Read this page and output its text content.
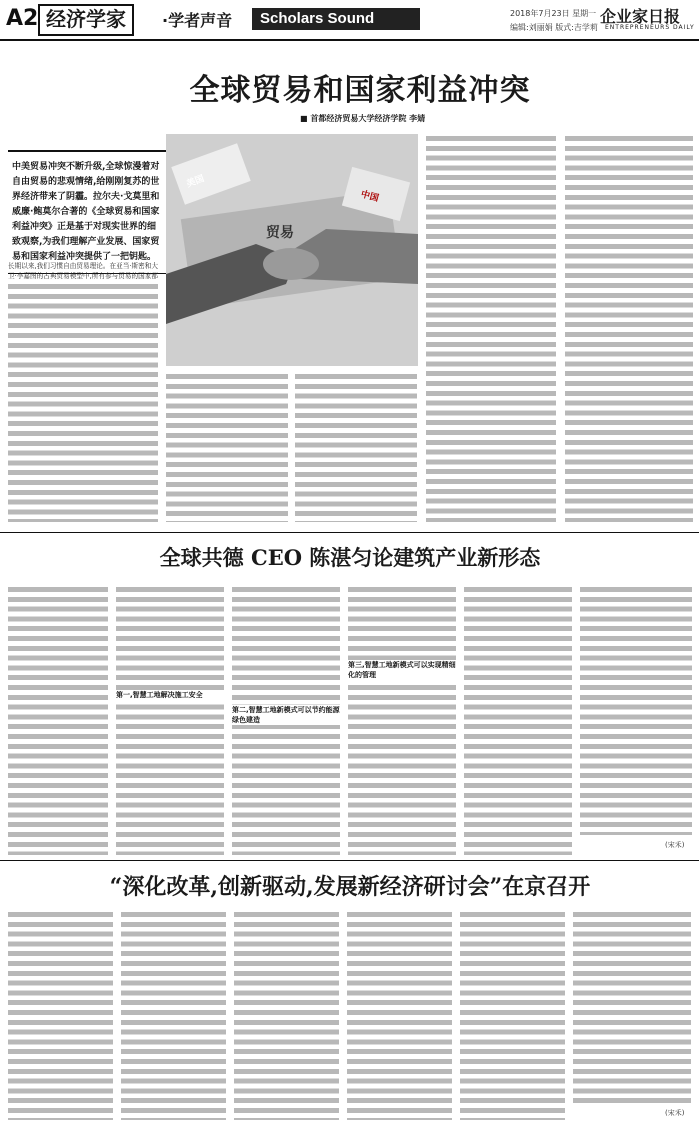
A2 经济学家	·学者声音	Scholars Sound	2018年7月23日 星期一
编辑:刘丽娟 版式:吉学莉
企业家日报
ENTREPRENEURS DAILY
全球贸易和国家利益冲突
■ 首都经济贸易大学经济学院 李婧
中美贸易冲突不断升级,全球惊漫着对自由贸易的悲观情绪,给刚刚复苏的世界经济带来了阴霾。拉尔夫·戈莫里和威廉·鲍莫尔合著的《全球贸易和国家利益冲突》正是基于对现实世界的细致观察,为我们理解产业发展、国家贸易和国家利益冲突提供了一把钥匙。
美国
中国
贸易
长期以来,我们习惯自由贸易理论。在亚当·斯密和大卫·李嘉图的古典贸易模型中,所有参与贸易的国家都
全球共德 CEO 陈湛匀论建筑产业新形态
第一,智慧工地解决施工安全
第二,智慧工地新模式可以节约能源绿色建造
第三,智慧工地新模式可以实现精细化的管理
(宋禾)
“深化改革,创新驱动,发展新经济研讨会”在京召开
(宋禾)
